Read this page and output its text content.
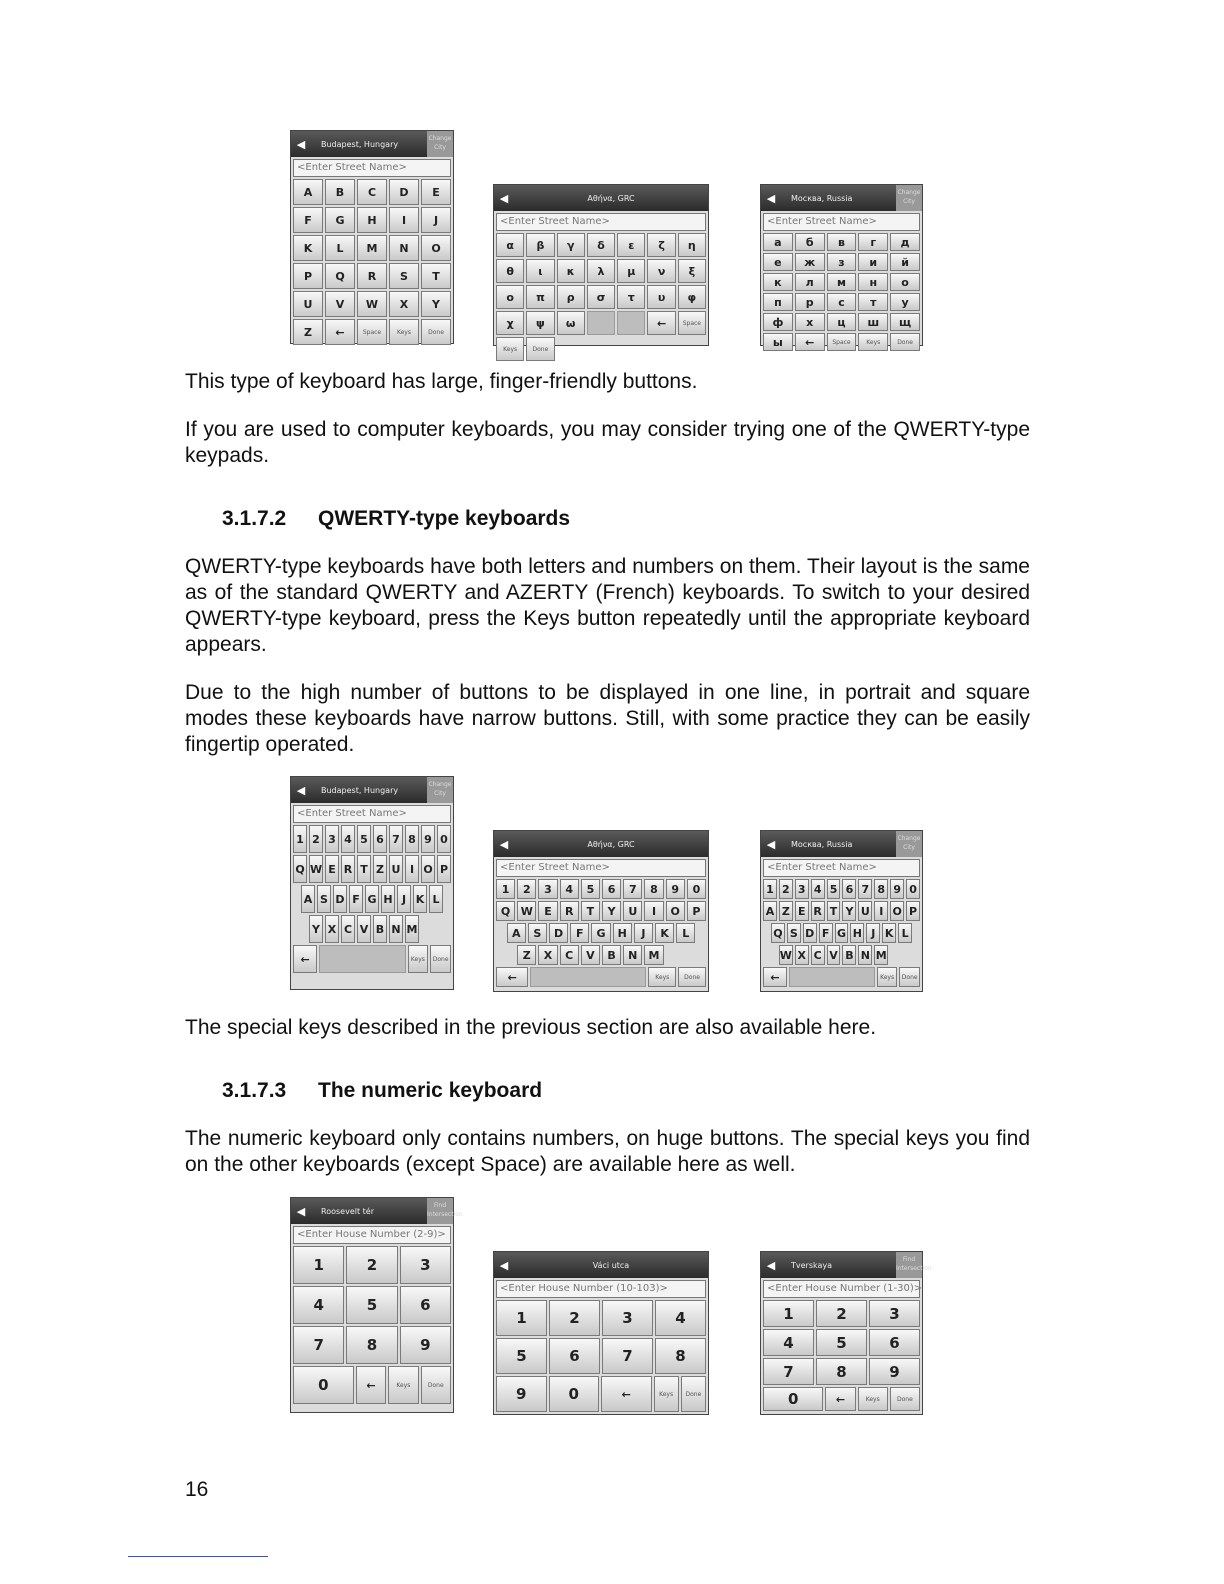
◀	Budapest, Hungary
Change City
<Enter Street Name>
A	B	C	D	E
F	G	H	I	J
K	L	M	N	O
P	Q	R	S	T
U	V	W	X	Y
Z	←	Space	Keys	Done
◀	Αθήνα, GRC
<Enter Street Name>
α	β	γ	δ	ε	ζ	η
θ	ι	κ	λ	μ	ν	ξ
ο	π	ρ	σ	τ	υ	φ
χ	ψ	ω	←	Space
Keys	Done
◀	Москва, Russia
Change City
<Enter Street Name>
а	б	в	г	д
е	ж	з	и	й
к	л	м	н	о
п	р	с	т	у
ф	х	ц	ш	щ
ы	←	Space	Keys	Done

This type of keyboard has large, finger-friendly buttons.

If you are used to computer keyboards, you may consider trying one of the QWERTY-type keypads.

3.1.7.2 QWERTY-type keyboards

QWERTY-type keyboards have both letters and numbers on them. Their layout is the same as of the standard QWERTY and AZERTY (French) keyboards. To switch to your desired QWERTY-type keyboard, press the Keys button repeatedly until the appropriate keyboard appears.

Due to the high number of buttons to be displayed in one line, in portrait and square modes these keyboards have narrow buttons. Still, with some practice they can be easily fingertip operated.

◀	Budapest, Hungary
Change City
<Enter Street Name>
1 2 3 4 5 6 7 8 9 0
Q W E R T Z U I O P
A S D F G H J K L
Y X C V B N M
←	Keys	Done
◀	Αθήνα, GRC
<Enter Street Name>
1	2	3	4	5	6	7	8	9	0
Q W	E	R	T	Y	U	I	O	P
A	S	D	F	G	H	J	K	L
Z	X	C	V	B	N	M
←	Keys	Done
◀	Москва, Russia
Change City
<Enter Street Name>
1 2 3 4 5 6 7 8 9 0
A Z E R T Y U I O P
Q S D F G H J K L
W X C V B N M
←	Keys	Done

The special keys described in the previous section are also available here.

3.1.7.3 The numeric keyboard

The numeric keyboard only contains numbers, on huge buttons. The special keys you find on the other keyboards (except Space) are available here as well.

◀	Roosevelt tér
Find Intersection
<Enter House Number (2-9)>
1	2	3
4	5	6
7	8	9
0	←	Keys	Done
◀	Váci utca
<Enter House Number (10-103)>
1	2	3	4
5	6	7	8
9	0	←	Keys	Done
◀	Tverskaya
Find Intersection
<Enter House Number (1-30)>
1	2	3
4	5	6
7	8	9
0	←	Keys	Done
16
